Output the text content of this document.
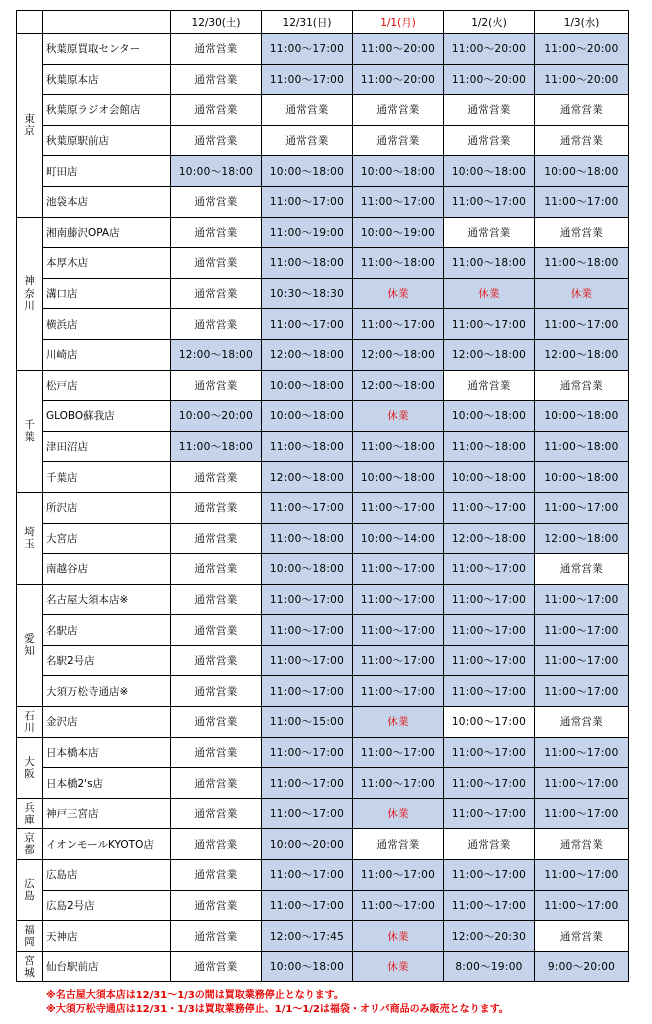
		12/30(土)	12/31(日)	1/1(月)	1/2(火)	1/3(水)
東京	秋葉原買取センター	通常営業	11:00〜17:00	11:00〜20:00	11:00〜20:00	11:00〜20:00
	秋葉原本店	通常営業	11:00〜17:00	11:00〜20:00	11:00〜20:00	11:00〜20:00
	秋葉原ラジオ会館店	通常営業	通常営業	通常営業	通常営業	通常営業
	秋葉原駅前店	通常営業	通常営業	通常営業	通常営業	通常営業
	町田店	10:00〜18:00	10:00〜18:00	10:00〜18:00	10:00〜18:00	10:00〜18:00
	池袋本店	通常営業	11:00〜17:00	11:00〜17:00	11:00〜17:00	11:00〜17:00
神奈川	湘南藤沢OPA店	通常営業	11:00〜19:00	10:00〜19:00	通常営業	通常営業
	本厚木店	通常営業	11:00〜18:00	11:00〜18:00	11:00〜18:00	11:00〜18:00
	溝口店	通常営業	10:30〜18:30	休業	休業	休業
	横浜店	通常営業	11:00〜17:00	11:00〜17:00	11:00〜17:00	11:00〜17:00
	川崎店	12:00〜18:00	12:00〜18:00	12:00〜18:00	12:00〜18:00	12:00〜18:00
千葉	松戸店	通常営業	10:00〜18:00	12:00〜18:00	通常営業	通常営業
	GLOBO蘇我店	10:00〜20:00	10:00〜18:00	休業	10:00〜18:00	10:00〜18:00
	津田沼店	11:00〜18:00	11:00〜18:00	11:00〜18:00	11:00〜18:00	11:00〜18:00
	千葉店	通常営業	12:00〜18:00	10:00〜18:00	10:00〜18:00	10:00〜18:00
埼玉	所沢店	通常営業	11:00〜17:00	11:00〜17:00	11:00〜17:00	11:00〜17:00
	大宮店	通常営業	11:00〜18:00	10:00〜14:00	12:00〜18:00	12:00〜18:00
	南越谷店	通常営業	10:00〜18:00	11:00〜17:00	11:00〜17:00	通常営業
愛知	名古屋大須本店※	通常営業	11:00〜17:00	11:00〜17:00	11:00〜17:00	11:00〜17:00
	名駅店	通常営業	11:00〜17:00	11:00〜17:00	11:00〜17:00	11:00〜17:00
	名駅2号店	通常営業	11:00〜17:00	11:00〜17:00	11:00〜17:00	11:00〜17:00
	大須万松寺通店※	通常営業	11:00〜17:00	11:00〜17:00	11:00〜17:00	11:00〜17:00
石川	金沢店	通常営業	11:00〜15:00	休業	10:00〜17:00	通常営業
大阪	日本橋本店	通常営業	11:00〜17:00	11:00〜17:00	11:00〜17:00	11:00〜17:00
	日本橋2's店	通常営業	11:00〜17:00	11:00〜17:00	11:00〜17:00	11:00〜17:00
兵庫	神戸三宮店	通常営業	11:00〜17:00	休業	11:00〜17:00	11:00〜17:00
京都	イオンモールKYOTO店	通常営業	10:00〜20:00	通常営業	通常営業	通常営業
広島	広島店	通常営業	11:00〜17:00	11:00〜17:00	11:00〜17:00	11:00〜17:00
	広島2号店	通常営業	11:00〜17:00	11:00〜17:00	11:00〜17:00	11:00〜17:00
福岡	天神店	通常営業	12:00〜17:45	休業	12:00〜20:30	通常営業
宮城	仙台駅前店	通常営業	10:00〜18:00	休業	8:00〜19:00	9:00〜20:00
※名古屋大須本店は12/31〜1/3の間は買取業務停止となります。
※大須万松寺通店は12/31・1/3は買取業務停止、1/1〜1/2は福袋・オリパ商品のみ販売となります。
